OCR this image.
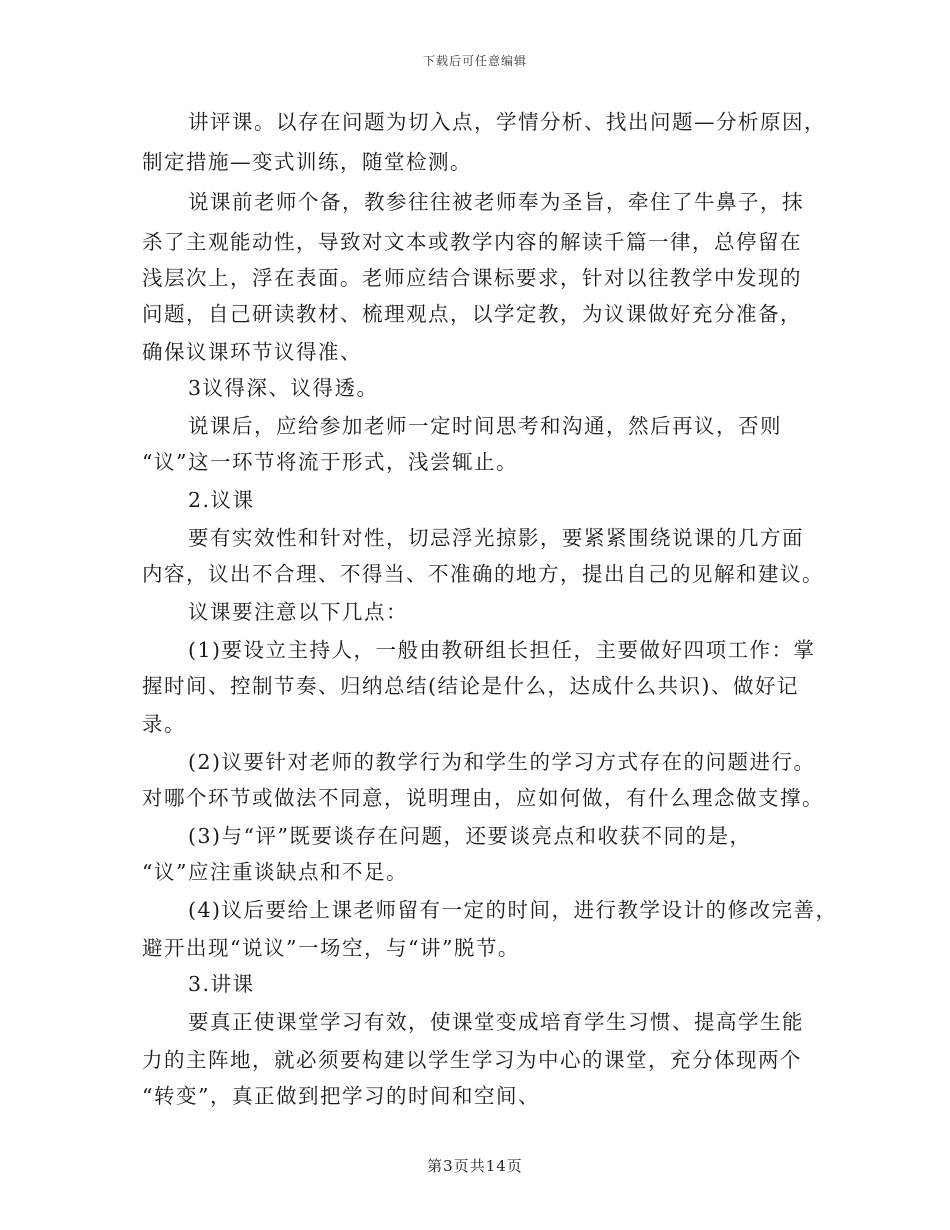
下载后可任意编辑
讲评课。以存在问题为切入点，学情分析、找出问题—分析原因，
制定措施—变式训练，随堂检测。
说课前老师个备，教参往往被老师奉为圣旨，牵住了牛鼻子，抹
杀了主观能动性，导致对文本或教学内容的解读千篇一律，总停留在
浅层次上，浮在表面。老师应结合课标要求，针对以往教学中发现的
问题，自己研读教材、梳理观点，以学定教，为议课做好充分准备，
确保议课环节议得准、
3议得深、议得透。
说课后，应给参加老师一定时间思考和沟通，然后再议，否则
“议”这一环节将流于形式，浅尝辄止。
2.议课
要有实效性和针对性，切忌浮光掠影，要紧紧围绕说课的几方面
内容，议出不合理、不得当、不准确的地方，提出自己的见解和建议。
议课要注意以下几点：
(1)要设立主持人，一般由教研组长担任，主要做好四项工作：掌
握时间、控制节奏、归纳总结(结论是什么，达成什么共识)、做好记
录。
(2)议要针对老师的教学行为和学生的学习方式存在的问题进行。
对哪个环节或做法不同意，说明理由，应如何做，有什么理念做支撑。
(3)与“评”既要谈存在问题，还要谈亮点和收获不同的是，
“议”应注重谈缺点和不足。
(4)议后要给上课老师留有一定的时间，进行教学设计的修改完善，
避开出现“说议”一场空，与“讲”脱节。
3.讲课
要真正使课堂学习有效，使课堂变成培育学生习惯、提高学生能
力的主阵地，就必须要构建以学生学习为中心的课堂，充分体现两个
“转变”，真正做到把学习的时间和空间、
第3页共14页
